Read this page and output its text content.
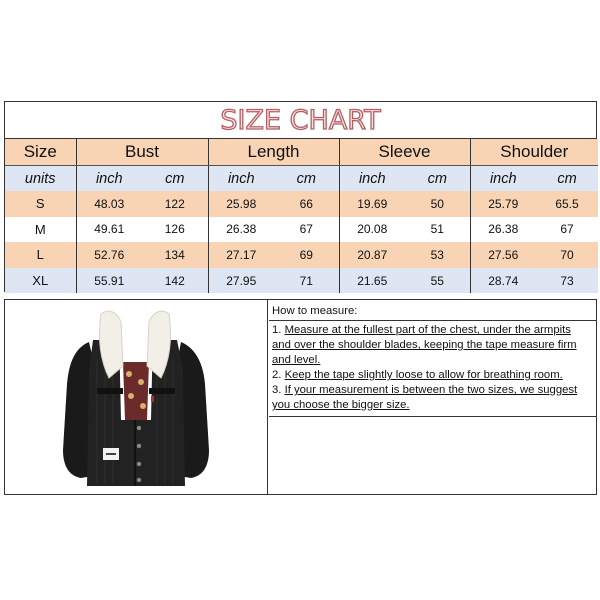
SIZE CHART
Size	Bust		Length		Sleeve		Shoulder	
units	inch	cm	inch	cm	inch	cm	inch	cm
S	48.03	122	25.98	66	19.69	50	25.79	65.5
M	49.61	126	26.38	67	20.08	51	26.38	67
L	52.76	134	27.17	69	20.87	53	27.56	70
XL	55.91	142	27.95	71	21.65	55	28.74	73
How to measure:

1. Measure at the fullest part of the chest, under the armpits and over the shoulder blades, keeping the tape measure firm and level.

2. Keep the tape slightly loose to allow for breathing room.

3. If your measurement is between the two sizes, we suggest you choose the bigger size.
